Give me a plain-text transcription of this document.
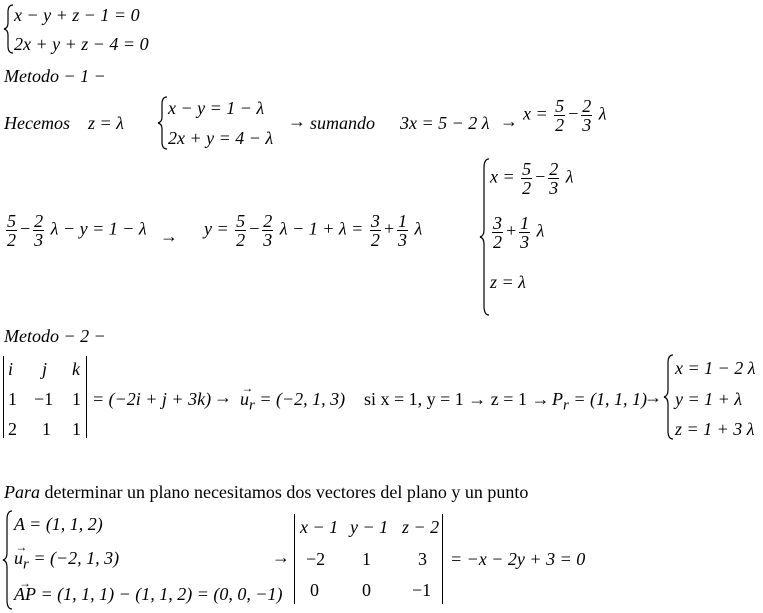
x − y + z − 1 = 0
2x + y + z − 4 = 0
Metodo − 1 −
Hecemos z = λ
x − y = 1 − λ
2x + y = 4 − λ
→ sumando 3x = 5 − 2 $\lambda \to x = \frac{5}{2} - \frac{2}{3}$ λ
$\frac{5}{2} - \frac{2}{3}$ $\lambda - y = 1 - \lambda \to y = \frac{5}{2} - \frac{2}{3}$ $\lambda - 1 + \lambda = \frac{3}{2} + \frac{1}{3}$ λ
$x = \frac{5}{2} - \frac{2}{3}$ λ
$\frac{3}{2} + \frac{1}{3}$ λ
z = λ
Metodo − 2 −
i j k
1 −1 1
2 1 1
= (−2i + j + 3k) →
→ $u_r = (-2$, 1, 3) si x = 1, $y = 1 \to z = 1 \to P_r = (1$, 1, 1)
→
x = 1 − 2 λ
y = 1 + λ
z = 1 + 3 λ
Para determinar un plano necesitamos dos vectores del plano y un punto
A = (1, 1, 2)
→ $u_r = (-2$, 1, 3)
→ AP = (1, 1, 1) − (1, 1, 2) = (0, 0, −1)
→
x − 1 y − 1 z − 2
−2 1	3
0 0 −1
= −x − 2y + 3 = 0
